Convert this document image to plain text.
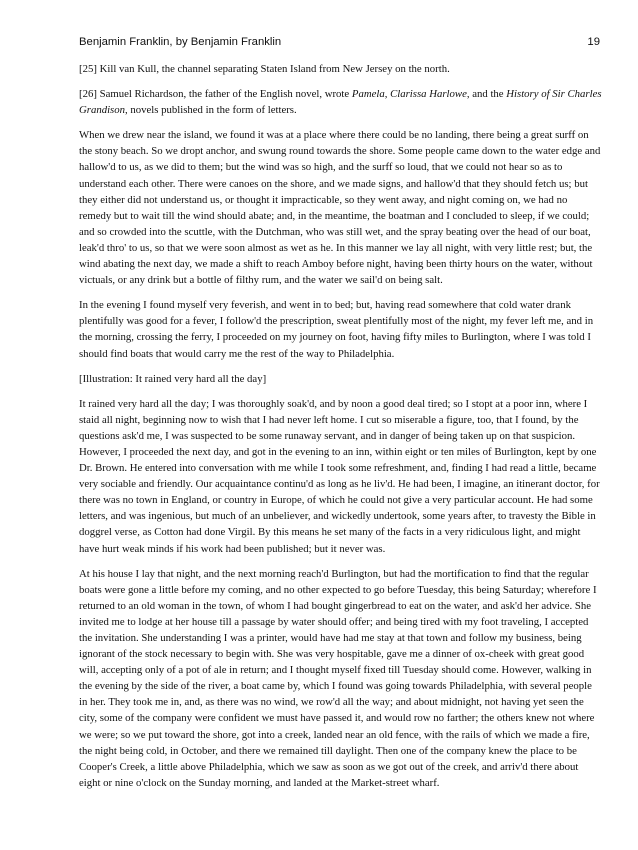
Benjamin Franklin, by Benjamin Franklin	19

[25] Kill van Kull, the channel separating Staten Island from New Jersey on the north.

[26] Samuel Richardson, the father of the English novel, wrote Pamela, Clarissa Harlowe, and the History of Sir Charles Grandison, novels published in the form of letters.

When we drew near the island, we found it was at a place where there could be no landing, there being a great surff on the stony beach. So we dropt anchor, and swung round towards the shore. Some people came down to the water edge and hallow'd to us, as we did to them; but the wind was so high, and the surff so loud, that we could not hear so as to understand each other. There were canoes on the shore, and we made signs, and hallow'd that they should fetch us; but they either did not understand us, or thought it impracticable, so they went away, and night coming on, we had no remedy but to wait till the wind should abate; and, in the meantime, the boatman and I concluded to sleep, if we could; and so crowded into the scuttle, with the Dutchman, who was still wet, and the spray beating over the head of our boat, leak'd thro' to us, so that we were soon almost as wet as he. In this manner we lay all night, with very little rest; but, the wind abating the next day, we made a shift to reach Amboy before night, having been thirty hours on the water, without victuals, or any drink but a bottle of filthy rum, and the water we sail'd on being salt.

In the evening I found myself very feverish, and went in to bed; but, having read somewhere that cold water drank plentifully was good for a fever, I follow'd the prescription, sweat plentifully most of the night, my fever left me, and in the morning, crossing the ferry, I proceeded on my journey on foot, having fifty miles to Burlington, where I was told I should find boats that would carry me the rest of the way to Philadelphia.

[Illustration: It rained very hard all the day]

It rained very hard all the day; I was thoroughly soak'd, and by noon a good deal tired; so I stopt at a poor inn, where I staid all night, beginning now to wish that I had never left home. I cut so miserable a figure, too, that I found, by the questions ask'd me, I was suspected to be some runaway servant, and in danger of being taken up on that suspicion. However, I proceeded the next day, and got in the evening to an inn, within eight or ten miles of Burlington, kept by one Dr. Brown. He entered into conversation with me while I took some refreshment, and, finding I had read a little, became very sociable and friendly. Our acquaintance continu'd as long as he liv'd. He had been, I imagine, an itinerant doctor, for there was no town in England, or country in Europe, of which he could not give a very particular account. He had some letters, and was ingenious, but much of an unbeliever, and wickedly undertook, some years after, to travesty the Bible in doggrel verse, as Cotton had done Virgil. By this means he set many of the facts in a very ridiculous light, and might have hurt weak minds if his work had been published; but it never was.

At his house I lay that night, and the next morning reach'd Burlington, but had the mortification to find that the regular boats were gone a little before my coming, and no other expected to go before Tuesday, this being Saturday; wherefore I returned to an old woman in the town, of whom I had bought gingerbread to eat on the water, and ask'd her advice. She invited me to lodge at her house till a passage by water should offer; and being tired with my foot traveling, I accepted the invitation. She understanding I was a printer, would have had me stay at that town and follow my business, being ignorant of the stock necessary to begin with. She was very hospitable, gave me a dinner of ox-cheek with great good will, accepting only of a pot of ale in return; and I thought myself fixed till Tuesday should come. However, walking in the evening by the side of the river, a boat came by, which I found was going towards Philadelphia, with several people in her. They took me in, and, as there was no wind, we row'd all the way; and about midnight, not having yet seen the city, some of the company were confident we must have passed it, and would row no farther; the others knew not where we were; so we put toward the shore, got into a creek, landed near an old fence, with the rails of which we made a fire, the night being cold, in October, and there we remained till daylight. Then one of the company knew the place to be Cooper's Creek, a little above Philadelphia, which we saw as soon as we got out of the creek, and arriv'd there about eight or nine o'clock on the Sunday morning, and landed at the Market-street wharf.
